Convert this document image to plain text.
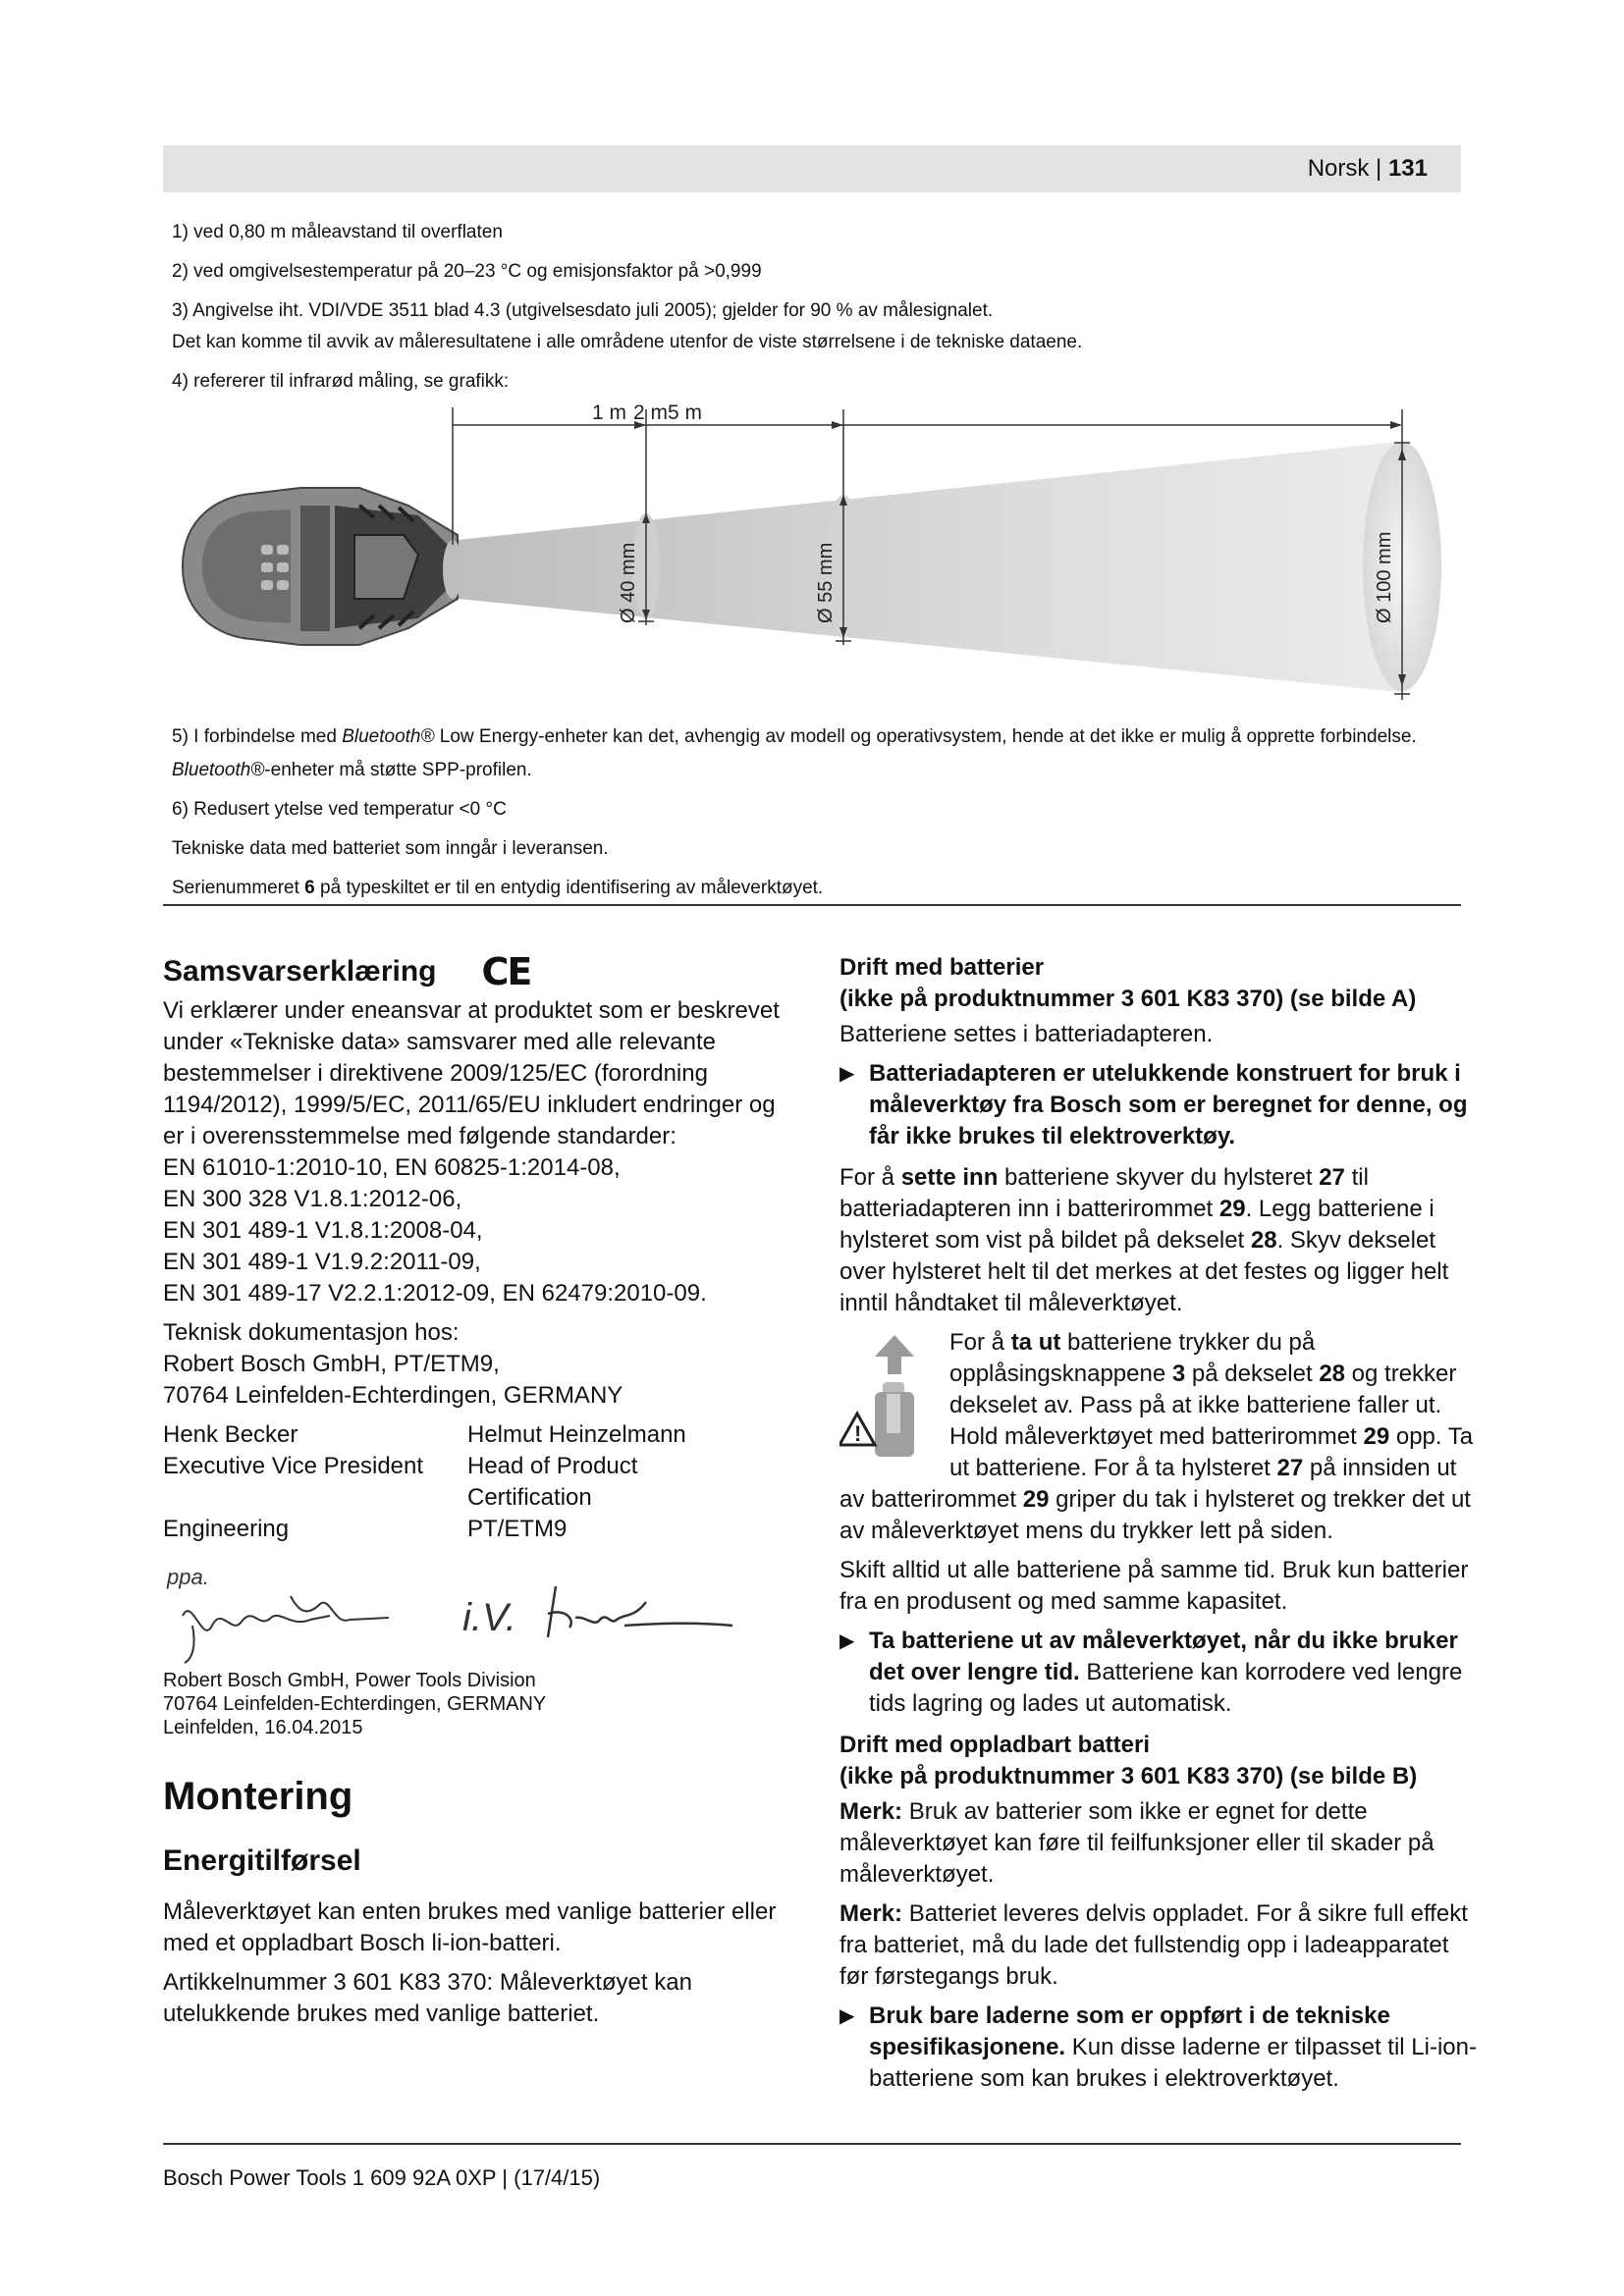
Norsk | 131
1) ved 0,80 m måleavstand til overflaten
2) ved omgivelsestemperatur på 20–23 °C og emisjonsfaktor på >0,999
3) Angivelse iht. VDI/VDE 3511 blad 4.3 (utgivelsesdato juli 2005); gjelder for 90 % av målesignalet.
Det kan komme til avvik av måleresultatene i alle områdene utenfor de viste størrelsene i de tekniske dataene.
4) refererer til infrarød måling, se grafikk:
1 m 2 m 5 m
Ø 40 mm	Ø 55 mm	Ø 100 mm
5) I forbindelse med Bluetooth® Low Energy-enheter kan det, avhengig av modell og operativsystem, hende at det ikke er mulig å opprette forbindelse.
Bluetooth®-enheter må støtte SPP-profilen.
6) Redusert ytelse ved temperatur <0 °C
Tekniske data med batteriet som inngår i leveransen.
Serienummeret 6 på typeskiltet er til en entydig identifisering av måleverktøyet.
Samsvarserklæring CE

Vi erklærer under eneansvar at produktet som er beskrevet under «Tekniske data» samsvarer med alle relevante bestemmelser i direktivene 2009/125/EC (forordning 1194/2012), 1999/5/EC, 2011/65/EU inkludert endringer og er i overensstemmelse med følgende standarder:

EN 61010-1:2010-10, EN 60825-1:2014-08,

EN 300 328 V1.8.1:2012-06,

EN 301 489-1 V1.8.1:2008-04,

EN 301 489-1 V1.9.2:2011-09,

EN 301 489-17 V2.2.1:2012-09, EN 62479:2010-09.

Teknisk dokumentasjon hos:

Robert Bosch GmbH, PT/ETM9,

70764 Leinfelden-Echterdingen, GERMANY

Henk Becker	Helmut Heinzelmann
Executive Vice President	Head of Product Certification
Engineering	PT/ETM9
ppa.
i.V.
Robert Bosch GmbH, Power Tools Division
70764 Leinfelden-Echterdingen, GERMANY
Leinfelden, 16.04.2015

Montering

Energitilførsel

Måleverktøyet kan enten brukes med vanlige batterier eller med et oppladbart Bosch li-ion-batteri.

Artikkelnummer 3 601 K83 370: Måleverktøyet kan utelukkende brukes med vanlige batteriet.

Drift med batterier
(ikke på produktnummer 3 601 K83 370) (se bilde A)

Batteriene settes i batteriadapteren.

▶ Batteriadapteren er utelukkende konstruert for bruk i måleverktøy fra Bosch som er beregnet for denne, og får ikke brukes til elektroverktøy.

For å sette inn batteriene skyver du hylsteret 27 til batteriadapteren inn i batterirommet 29. Legg batteriene i hylsteret som vist på bildet på dekselet 28. Skyv dekselet over hylsteret helt til det merkes at det festes og ligger helt inntil håndtaket til måleverktøyet.

!

For å ta ut batteriene trykker du på opplåsingsknappene 3 på dekselet 28 og trekker dekselet av. Pass på at ikke batteriene faller ut. Hold måleverktøyet med batterirommet 29 opp. Ta ut batteriene. For å ta hylsteret 27 på innsiden ut av batterirommet 29 griper du tak i hylsteret og trekker det ut av måleverktøyet mens du trykker lett på siden.

Skift alltid ut alle batteriene på samme tid. Bruk kun batterier fra en produsent og med samme kapasitet.

▶ Ta batteriene ut av måleverktøyet, når du ikke bruker det over lengre tid. Batteriene kan korrodere ved lengre tids lagring og lades ut automatisk.
Drift med oppladbart batteri
(ikke på produktnummer 3 601 K83 370) (se bilde B)

Merk: Bruk av batterier som ikke er egnet for dette måleverktøyet kan føre til feilfunksjoner eller til skader på måleverktøyet.

Merk: Batteriet leveres delvis oppladet. For å sikre full effekt fra batteriet, må du lade det fullstendig opp i ladeapparatet før førstegangs bruk.

▶ Bruk bare laderne som er oppført i de tekniske spesifikasjonene. Kun disse laderne er tilpasset til Li-ion-batteriene som kan brukes i elektroverktøyet.
Bosch Power Tools 1 609 92A 0XP | (17/4/15)
